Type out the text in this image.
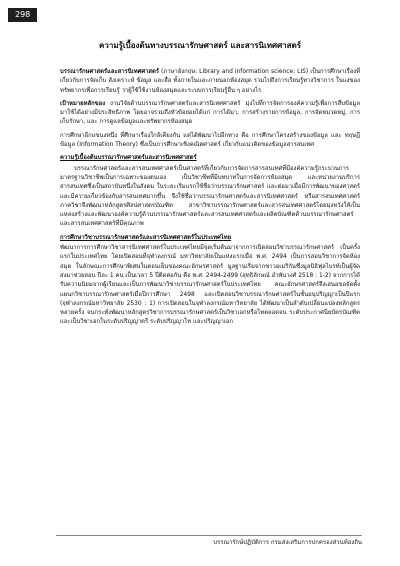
298
ความรู้เบื้องต้นทางบรรณารักษศาสตร์ และสารนิเทศศาสตร์

บรรณารักษศาสตร์และสารนิเทศศาสตร์ (ภาษาอังกฤษ: Library and information science: LIS) เป็นการศึกษาเรื่องที่เกี่ยวกับการจัดเก็บ สังเคราะห์ ข้อมูล และสื่อ ทั้งภายในและภายนอกห้องสมุด รวมไปถึงการเรียนรู้ทางวิชาการ ในแง่ของทรัพยากรเพื่อการเรียนรู้ ว่าผู้ใช้ใช้งานห้องสมุดและระบบการเรียนรู้อื่น ๆ อย่างไร

เป้าหมายหลักของ งานวิจัยด้านบรรณารักษศาสตร์และสารนิเทศศาสตร์ มุ่งไปที่การจัดการองค์ความรู้เพื่อการสืบข้อมูลมาใช้ได้อย่างมีประสิทธิภาพ โดยอาจรวมถึงหัวข้อย่อยได้แก่ การได้มา, การสร้างรายการข้อมูล, การจัดหมวดหมู่, การเก็บรักษา, และ การดูแลข้อมูลและทรัพยากรห้องสมุด

การศึกษาอีกแขนงหนึ่ง ที่ศึกษาเรื่องใกล้เคียงกัน แต่ได้พัฒนาไปอีกทาง คือ การศึกษาโครงสร้างของข้อมูล และ ทฤษฎีข้อมูล (Information Theory) ซึ่งเป็นการศึกษาเชิงคณิตศาสตร์ เกี่ยวกับแนวคิดของข้อมูลสารสนเทศ

ความรู้เบื้องต้นบรรณารักษศาสตร์และสารนิเทศศาสตร์

บรรณารักษศาสตร์และสารสนเทศศาสตร์เป็นศาสตร์ที่เกี่ยวกับการจัดการสารสนเทศที่มีองค์ความรู้กระบวนการ มาตรฐานวิชาชีพเป็นการเฉพาะของตนเอง เป็นวิชาชีพที่มีบทบาทในการจัดการห้องสมุด และหน่วยงานบริการสารสนเทศซึ่งเป็นสถาบันหนึ่งในสังคม ในระยะเริ่มแรกใช้ชื่อว่าบรรณารักษศาสตร์ และต่อมาเมื่อมีการพัฒนาของศาสตร์และมีความเกี่ยวข้องกับสารสนเทศมากขึ้น จึงใช้ชื่อว่าบรรณารักษศาสตร์และสารนิเทศศาสตร์ หรือสารสนเทศศาสตร์ ภาควิชาจึงพัฒนาหลักสูตรศิลปศาสตรบัณฑิต สาขาวิชาบรรณารักษศาสตร์และสารสนเทศศาสตร์โดยมุ่งหวังให้เป็นแหล่งสร้างและพัฒนาองค์ความรู้ด้านบรรณารักษศาสตร์และสารสนเทศศาสตร์และผลิตบัณฑิตด้านบรรณารักษศาสตร์และสารสนเทศศาสตร์ที่มีคุณภาพ

การศึกษาวิชาบรรณารักษศาสตร์และสารนิเทศศาสตร์ในประเทศไทย

พัฒนาการการศึกษาวิชาสารนิเทศศาสตร์ในประเทศไทยมีจุดเริ่มต้นมาจากการเปิดสอนวิชาบรรณารักษศาสตร์ เป็นครั้งแรกในประเทศไทย โดยเปิดสอนที่จุฬาลงกรณ์ มหาวิทยาลัยเป็นแห่งแรกเมื่อ พ.ศ. 2494 เป็นการสอนวิชาการจัดห้องสมุด ในลักษณะการศึกษาพิเศษในตอนเย็นของคณะอักษรศาสตร์ มูลฐานเริ่มจากชาวอเมริกันซึ่งมูลนิธิฟุลไบรท์เป็นผู้จัดส่งมาช่วยสอน ปีละ 1 คน เป็นเวลา 5 ปีติดต่อกัน คือ พ.ศ. 2494-2499 (สุทธิลักษณ์ อำพันวงศ์ 2518 : 1-2) จากการได้รับความนิยมจากผู้เรียนและเป็นการพัฒนาวิชาบรรณารักษศาสตร์ในประเทศไทย คณะอักษรศาสตร์จึงเสนอขอจัดตั้งแผนกวิชาบรรณารักษศาสตร์เมื่อปีการศึกษา 2498 และเปิดสอนวิชาบรรณารักษศาสตร์ในชั้นอนุปริญญาเป็นปีแรก (จุฬาลงกรณ์มหาวิทยาลัย 2530 : 1) การเปิดสอนในจุฬาลงกรณ์มหาวิทยาลัย ได้พัฒนาเป็นลำดับเปลี่ยนแปลงหลักสูตรหลายครั้ง จนกระทั่งพัฒนาหลักสูตรวิชาการบรรณารักษศาสตร์เป็นวิชาเอกหรือโทตลอดจน ระดับประกาศนียบัตรบัณฑิต และเป็นวิชาเอกในระดับปริญญาตรี ระดับปริญญาโท และปริญญาเอก

บรรณารักษ์ปฏิบัติการ กรมส่งเสริมการปกครองส่วนท้องถิ่น
